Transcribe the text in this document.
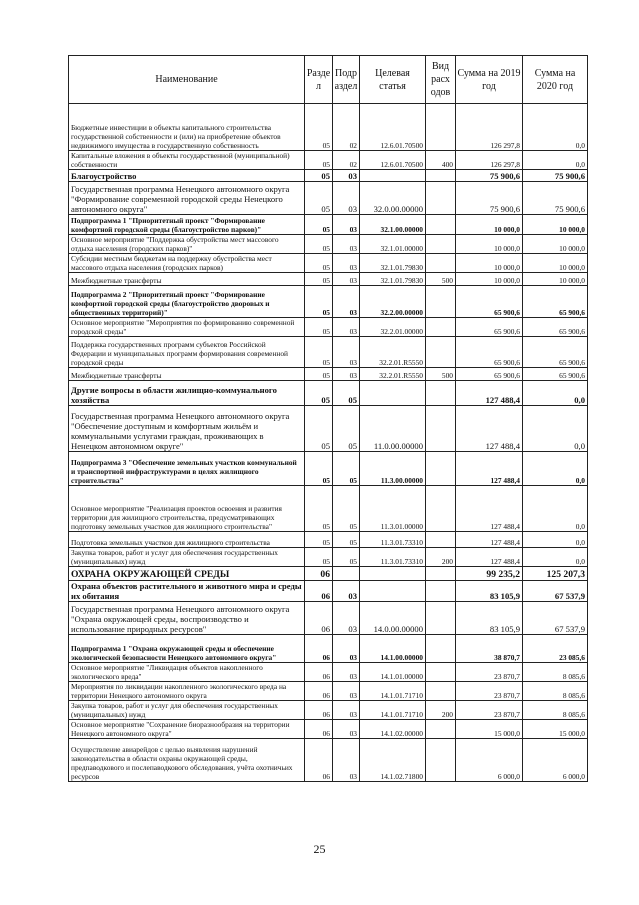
Наименование	Разде л	Подр аздел	Целевая статья	Вид расх одов	Сумма на 2019 год	Сумма на 2020 год
Бюджетные инвестиции в объекты капитального строительства государственной собственности и (или) на приобретение объектов недвижимого имущества в государственную собственность	05	02	12.6.01.70500		126 297,8	0,0
Капитальные вложения в объекты государственной (муниципальной) собственности	05	02	12.6.01.70500	400	126 297,8	0,0
Благоустройство	05	03			75 900,6	75 900,6
Государственная программа Ненецкого автономного округа "Формирование современной городской среды Ненецкого автономного округа"	05	03	32.0.00.00000		75 900,6	75 900,6
Подпрограмма 1 "Приоритетный проект "Формирование комфортной городской среды (благоустройство парков)"	05	03	32.1.00.00000		10 000,0	10 000,0
Основное мероприятие "Поддержка обустройства мест массового отдыха населения (городских парков)"	05	03	32.1.01.00000		10 000,0	10 000,0
Субсидии местным бюджетам на поддержку обустройства мест массового отдыха населения (городских парков)	05	03	32.1.01.79830		10 000,0	10 000,0
Межбюджетные трансферты	05	03	32.1.01.79830	500	10 000,0	10 000,0
Подпрограмма 2 "Приоритетный проект "Формирование комфортной городской среды (благоустройство дворовых и общественных территорий)"	05	03	32.2.00.00000		65 900,6	65 900,6
Основное мероприятие "Мероприятия по формированию современной городской среды"	05	03	32.2.01.00000		65 900,6	65 900,6
Поддержка государственных программ субъектов Российской Федерации и муниципальных программ формирования современной городской среды	05	03	32.2.01.R5550		65 900,6	65 900,6
Межбюджетные трансферты	05	03	32.2.01.R5550	500	65 900,6	65 900,6
Другие вопросы в области жилищно-коммунального хозяйства	05	05			127 488,4	0,0
Государственная программа Ненецкого автономного округа "Обеспечение доступным и комфортным жильём и коммунальными услугами граждан, проживающих в Ненецком автономном округе"	05	05	11.0.00.00000		127 488,4	0,0
Подпрограмма 3 "Обеспечение земельных участков коммунальной и транспортной инфраструктурами в целях жилищного строительства"	05	05	11.3.00.00000		127 488,4	0,0
Основное мероприятие "Реализация проектов освоения и развития территории для жилищного строительства, предусматривающих подготовку земельных участков для жилищного строительства"	05	05	11.3.01.00000		127 488,4	0,0
Подготовка земельных участков для жилищного строительства	05	05	11.3.01.73310		127 488,4	0,0
Закупка товаров, работ и услуг для обеспечения государственных (муниципальных) нужд	05	05	11.3.01.73310	200	127 488,4	0,0
ОХРАНА ОКРУЖАЮЩЕЙ СРЕДЫ	06				99 235,2	125 207,3
Охрана объектов растительного и животного мира и среды их обитания	06	03			83 105,9	67 537,9
Государственная программа Ненецкого автономного округа "Охрана окружающей среды, воспроизводство и использование природных ресурсов"	06	03	14.0.00.00000		83 105,9	67 537,9
Подпрограмма 1 "Охрана окружающей среды и обеспечение экологической безопасности Ненецкого автономного округа"	06	03	14.1.00.00000		38 870,7	23 085,6
Основное мероприятие "Ликвидация объектов накопленного экологического вреда"	06	03	14.1.01.00000		23 870,7	8 085,6
Мероприятия по ликвидации накопленного экологического вреда на территории Ненецкого автономного округа	06	03	14.1.01.71710		23 870,7	8 085,6
Закупка товаров, работ и услуг для обеспечения государственных (муниципальных) нужд	06	03	14.1.01.71710	200	23 870,7	8 085,6
Основное мероприятие "Сохранение биоразнообразия на территории Ненецкого автономного округа"	06	03	14.1.02.00000		15 000,0	15 000,0
Осуществление авиарейдов с целью выявления нарушений законодательства в области охраны окружающей среды, предпаводкового и послепаводкового обследования, учёта охотничьих ресурсов	06	03	14.1.02.71800		6 000,0	6 000,0
25
